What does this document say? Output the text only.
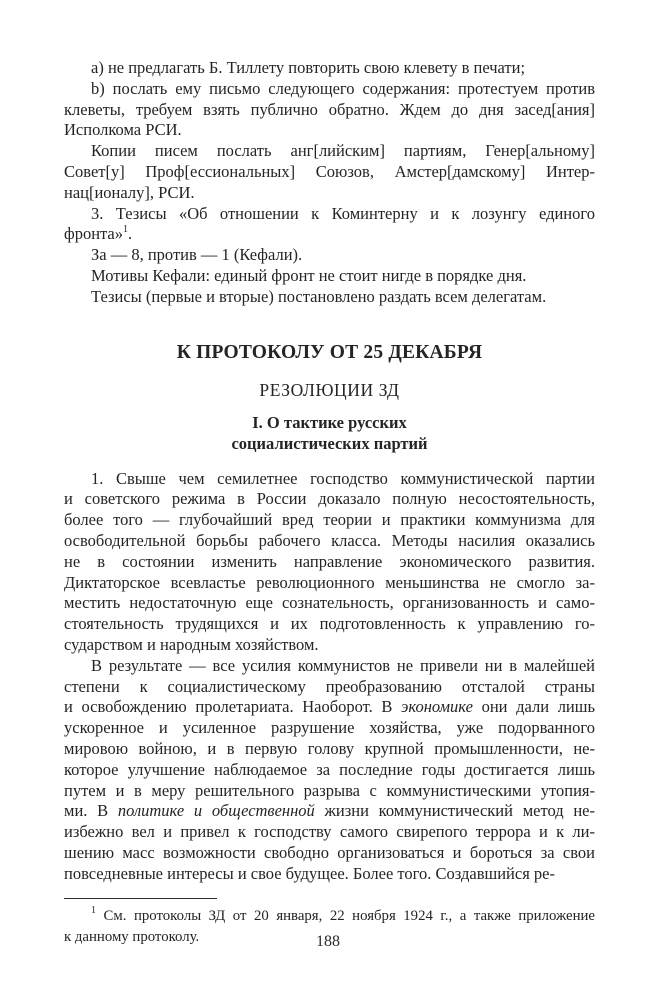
а) не предлагать Б. Тиллету повторить свою клевету в печати;
b) послать ему письмо следующего содержания: протестуем против
клеветы, требуем взять публично обратно. Ждем до дня засед[ания]
Исполкома РСИ.
Копии писем послать анг[лийским] партиям, Генер[альному]
Совет[у] Проф[ессиональных] Союзов, Амстер[дамскому] Интер-
нац[ионалу], РСИ.
3. Тезисы «Об отношении к Коминтерну и к лозунгу единого
фронта»$^1$.
За — 8, против — 1 (Кефали).
Мотивы Кефали: единый фронт не стоит нигде в порядке дня.
Тезисы (первые и вторые) постановлено раздать всем делегатам.
К ПРОТОКОЛУ ОТ 25 ДЕКАБРЯ
РЕЗОЛЮЦИИ ЗД
I. О тактике русских
социалистических партий
1. Свыше чем семилетнее господство коммунистической партии
и советского режима в России доказало полную несостоятельность,
более того — глубочайший вред теории и практики коммунизма для
освободительной борьбы рабочего класса. Методы насилия оказались
не в состоянии изменить направление экономического развития.
Диктаторское всевластье революционного меньшинства не смогло за-
местить недостаточную еще сознательность, организованность и само-
стоятельность трудящихся и их подготовленность к управлению го-
сударством и народным хозяйством.
В результате — все усилия коммунистов не привели ни в малейшей
степени к социалистическому преобразованию отсталой страны
и освобождению пролетариата. Наоборот. В экономике они дали лишь
ускоренное и усиленное разрушение хозяйства, уже подорванного
мировою войною, и в первую голову крупной промышленности, не-
которое улучшение наблюдаемое за последние годы достигается лишь
путем и в меру решительного разрыва с коммунистическими утопия-
ми. В политике и общественной жизни коммунистический метод не-
избежно вел и привел к господству самого свирепого террора и к ли-
шению масс возможности свободно организоваться и бороться за свои
повседневные интересы и свое будущее. Более того. Создавшийся ре-
$^1$ См. протоколы ЗД от 20 января, 22 ноября 1924 г., а также приложение
к данному протоколу.	188
